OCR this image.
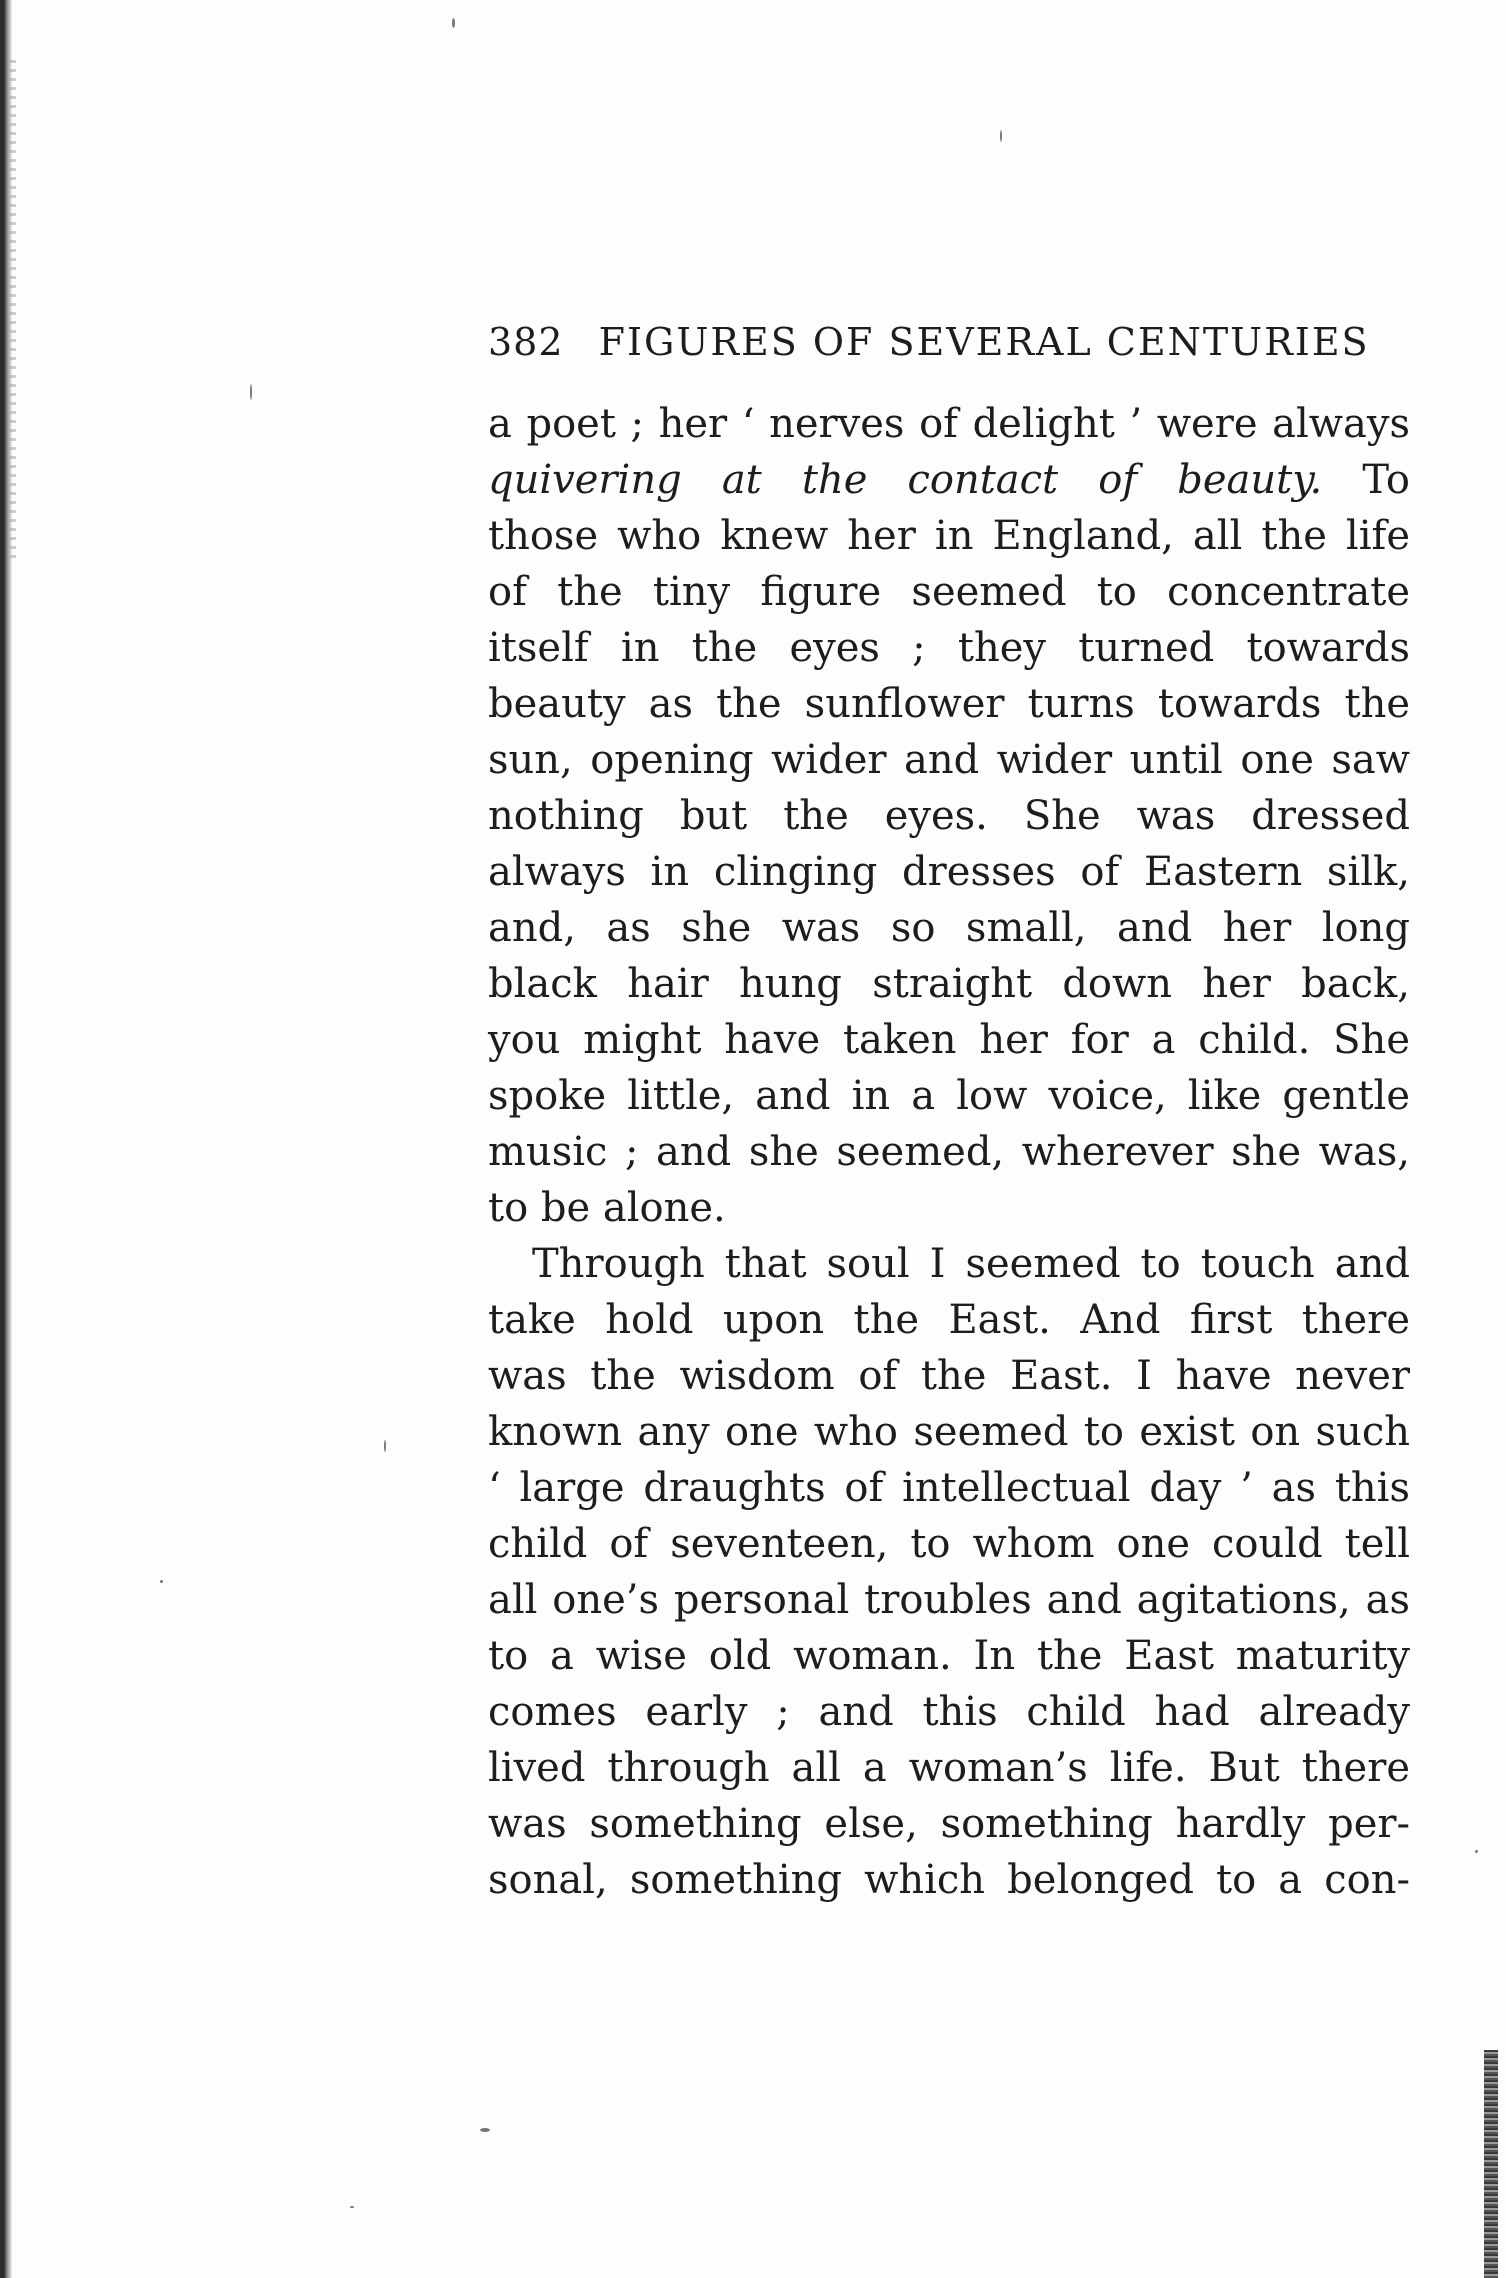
382 FIGURES OF SEVERAL CENTURIES
a poet ; her ‘ nerves of delight ’ were always
quivering at the contact of beauty. To
those who knew her in England, all the life
of the tiny figure seemed to concentrate
itself in the eyes ; they turned towards
beauty as the sunflower turns towards the
sun, opening wider and wider until one saw
nothing but the eyes. She was dressed
always in clinging dresses of Eastern silk,
and, as she was so small, and her long
black hair hung straight down her back,
you might have taken her for a child. She
spoke little, and in a low voice, like gentle
music ; and she seemed, wherever she was,
to be alone.
Through that soul I seemed to touch and
take hold upon the East. And first there
was the wisdom of the East. I have never
known any one who seemed to exist on such
‘ large draughts of intellectual day ’ as this
child of seventeen, to whom one could tell
all one’s personal troubles and agitations, as
to a wise old woman. In the East maturity
comes early ; and this child had already
lived through all a woman’s life. But there
was something else, something hardly per-
sonal, something which belonged to a con-
